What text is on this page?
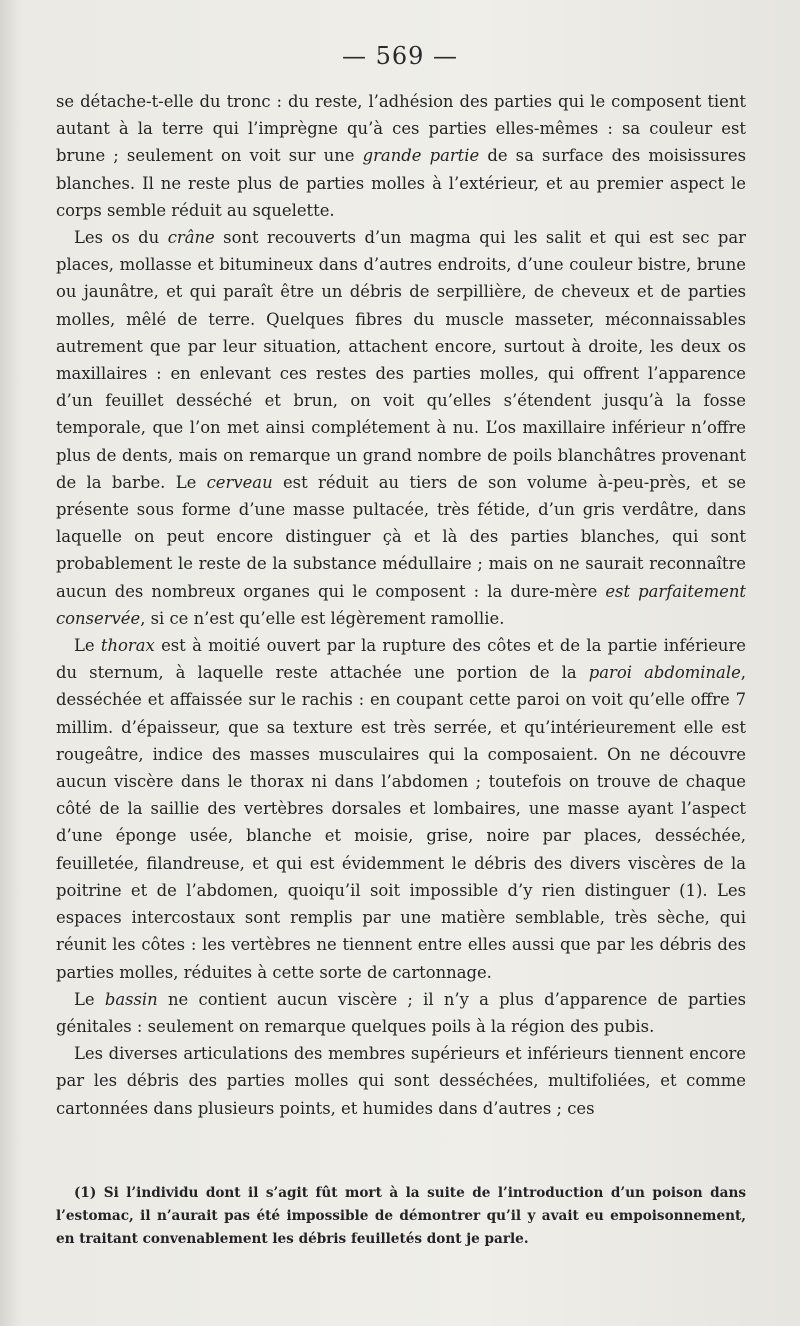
— 569 —

se détache-t-elle du tronc : du reste, l’adhésion des parties qui le composent tient autant à la terre qui l’imprègne qu’à ces parties elles-mêmes : sa couleur est brune ; seulement on voit sur une grande partie de sa surface des moisissures blanches. Il ne reste plus de parties molles à l’extérieur, et au premier aspect le corps semble réduit au squelette.

Les os du crâne sont recouverts d’un magma qui les salit et qui est sec par places, mollasse et bitumineux dans d’autres endroits, d’une couleur bistre, brune ou jaunâtre, et qui paraît être un débris de serpillière, de cheveux et de parties molles, mêlé de terre. Quelques fibres du muscle masseter, méconnaissables autrement que par leur situation, attachent encore, surtout à droite, les deux os maxillaires : en enlevant ces restes des parties molles, qui offrent l’apparence d’un feuillet desséché et brun, on voit qu’elles s’étendent jusqu’à la fosse temporale, que l’on met ainsi complétement à nu. L’os maxillaire inférieur n’offre plus de dents, mais on remarque un grand nombre de poils blanchâtres provenant de la barbe. Le cerveau est réduit au tiers de son volume à-peu-près, et se présente sous forme d’une masse pultacée, très fétide, d’un gris verdâtre, dans laquelle on peut encore distinguer çà et là des parties blanches, qui sont probablement le reste de la substance médullaire ; mais on ne saurait reconnaître aucun des nombreux organes qui le composent : la dure-mère est parfaitement conservée, si ce n’est qu’elle est légèrement ramollie.

Le thorax est à moitié ouvert par la rupture des côtes et de la partie inférieure du sternum, à laquelle reste attachée une portion de la paroi abdominale, desséchée et affaissée sur le rachis : en coupant cette paroi on voit qu’elle offre 7 millim. d’épaisseur, que sa texture est très serrée, et qu’intérieurement elle est rougeâtre, indice des masses musculaires qui la composaient. On ne découvre aucun viscère dans le thorax ni dans l’abdomen ; toutefois on trouve de chaque côté de la saillie des vertèbres dorsales et lombaires, une masse ayant l’aspect d’une éponge usée, blanche et moisie, grise, noire par places, desséchée, feuilletée, filandreuse, et qui est évidemment le débris des divers viscères de la poitrine et de l’abdomen, quoiqu’il soit impossible d’y rien distinguer (1). Les espaces intercostaux sont remplis par une matière semblable, très sèche, qui réunit les côtes : les vertèbres ne tiennent entre elles aussi que par les débris des parties molles, réduites à cette sorte de cartonnage.

Le bassin ne contient aucun viscère ; il n’y a plus d’apparence de parties génitales : seulement on remarque quelques poils à la région des pubis.

Les diverses articulations des membres supérieurs et inférieurs tiennent encore par les débris des parties molles qui sont desséchées, multifoliées, et comme cartonnées dans plusieurs points, et humides dans d’autres ; ces

(1) Si l’individu dont il s’agit fût mort à la suite de l’introduction d’un poison dans l’estomac, il n’aurait pas été impossible de démontrer qu’il y avait eu empoisonnement, en traitant convenablement les débris feuilletés dont je parle.
